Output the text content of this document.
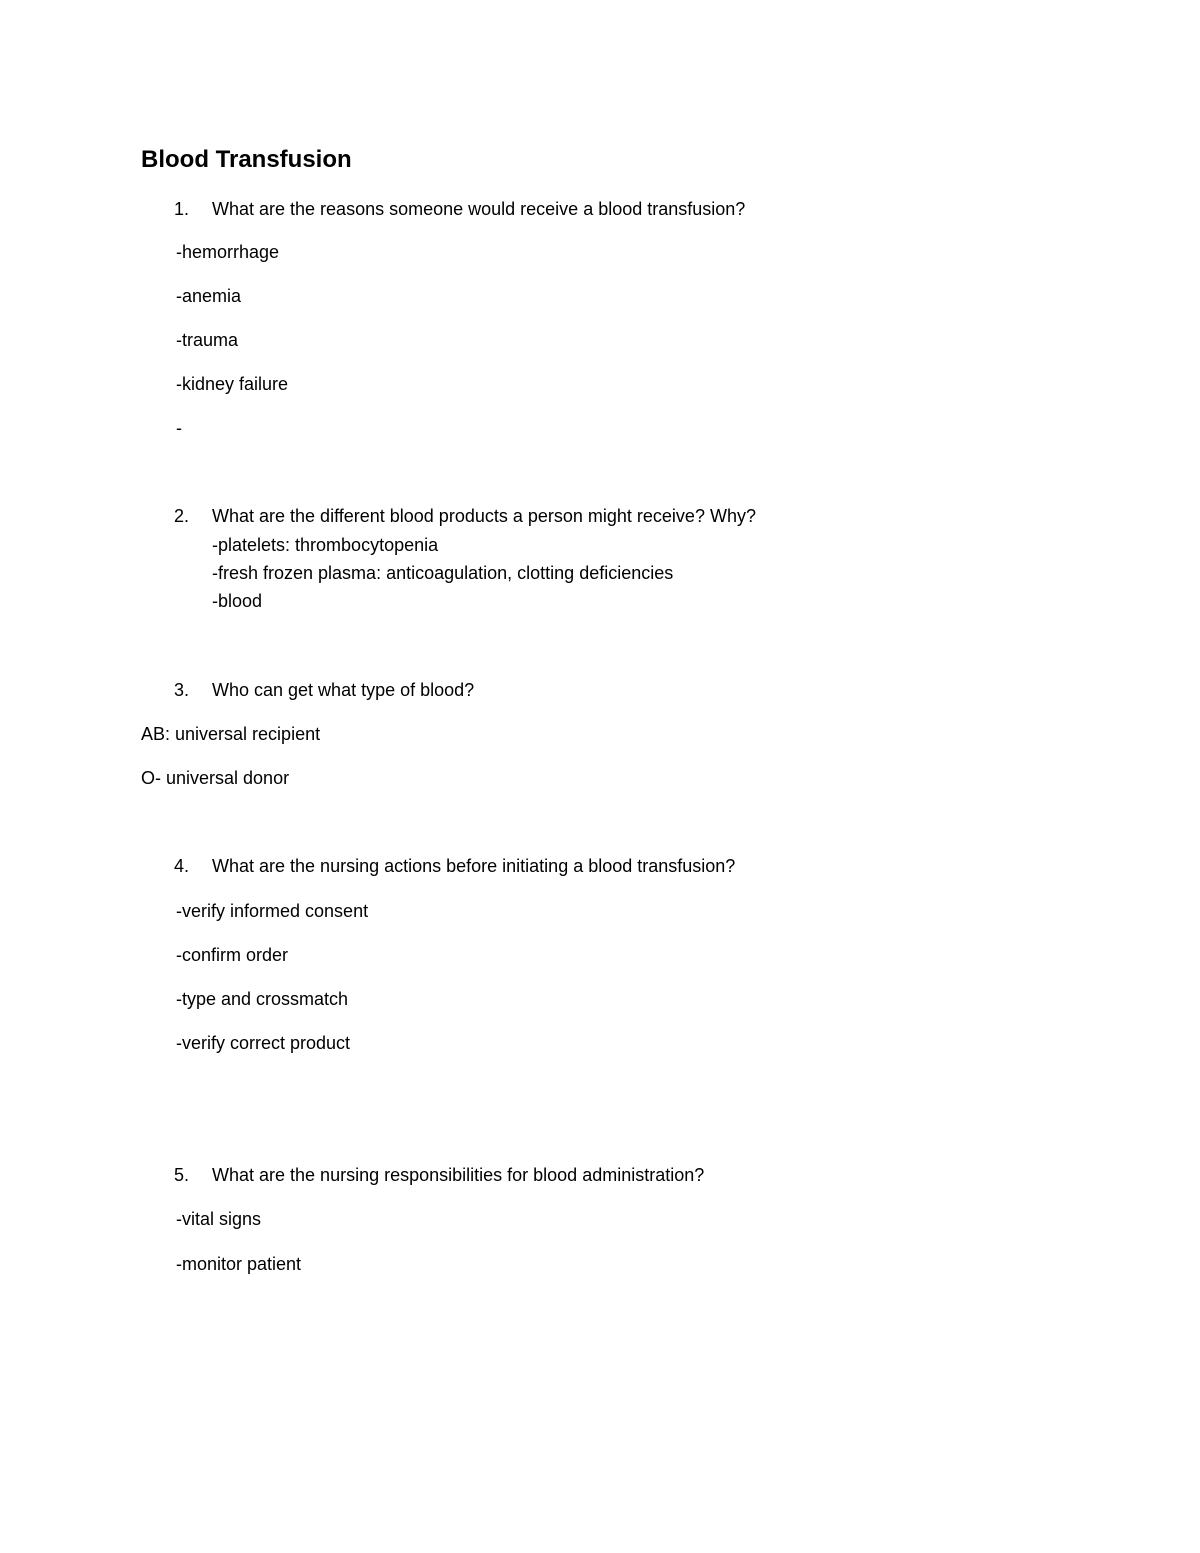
Blood Transfusion
1. What are the reasons someone would receive a blood transfusion?
-hemorrhage
-anemia
-trauma
-kidney failure
-
2. What are the different blood products a person might receive? Why?
-platelets: thrombocytopenia
-fresh frozen plasma: anticoagulation, clotting deficiencies
-blood
3. Who can get what type of blood?
AB: universal recipient
O- universal donor
4. What are the nursing actions before initiating a blood transfusion?
-verify informed consent
-confirm order
-type and crossmatch
-verify correct product
5. What are the nursing responsibilities for blood administration?
-vital signs
-monitor patient
